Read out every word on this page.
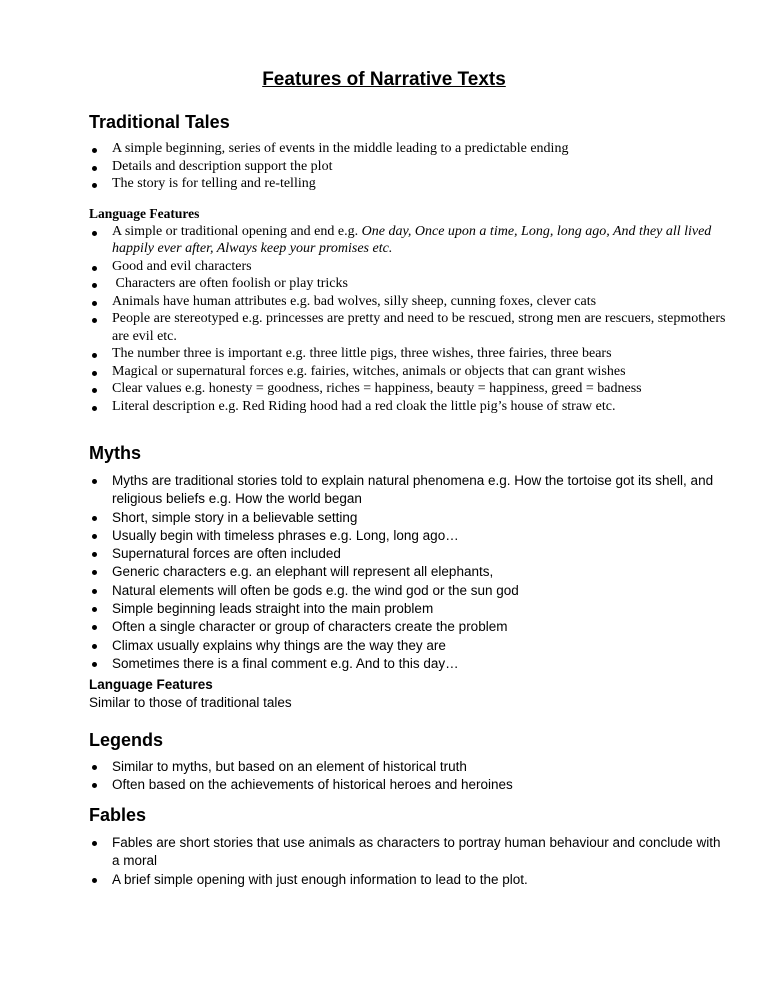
Features of Narrative Texts
Traditional Tales
A simple beginning, series of events in the middle leading to a predictable ending
Details and description support the plot
The story is for telling and re-telling

Language Features

A simple or traditional opening and end e.g. One day, Once upon a time, Long, long ago, And they all lived happily ever after, Always keep your promises etc.
Good and evil characters
Characters are often foolish or play tricks
Animals have human attributes e.g. bad wolves, silly sheep, cunning foxes, clever cats
People are stereotyped e.g. princesses are pretty and need to be rescued, strong men are rescuers, stepmothers are evil etc.
The number three is important e.g. three little pigs, three wishes, three fairies, three bears
Magical or supernatural forces e.g. fairies, witches, animals or objects that can grant wishes
Clear values e.g. honesty = goodness, riches = happiness, beauty = happiness, greed = badness
Literal description e.g. Red Riding hood had a red cloak the little pig’s house of straw etc.
Myths
Myths are traditional stories told to explain natural phenomena e.g. How the tortoise got its shell, and religious beliefs e.g. How the world began
Short, simple story in a believable setting
Usually begin with timeless phrases e.g. Long, long ago…
Supernatural forces are often included
Generic characters e.g. an elephant will represent all elephants,
Natural elements will often be gods e.g. the wind god or the sun god
Simple beginning leads straight into the main problem
Often a single character or group of characters create the problem
Climax usually explains why things are the way they are
Sometimes there is a final comment e.g. And to this day…

Language Features

Similar to those of traditional tales

Legends
Similar to myths, but based on an element of historical truth
Often based on the achievements of historical heroes and heroines
Fables
Fables are short stories that use animals as characters to portray human behaviour and conclude with a moral
A brief simple opening with just enough information to lead to the plot.
